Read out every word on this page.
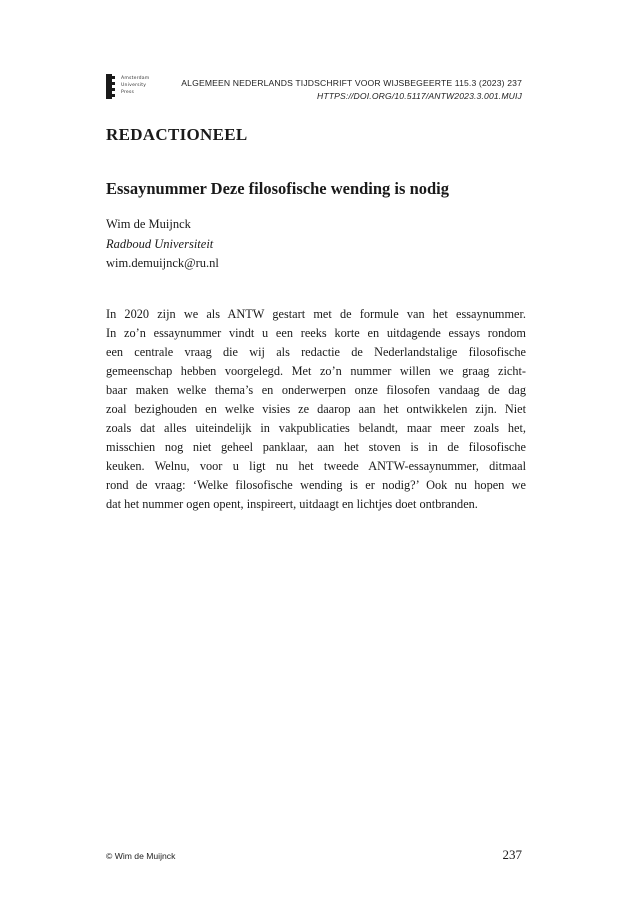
Amsterdam
University
Press
ALGEMEEN NEDERLANDS TIJDSCHRIFT VOOR WIJSBEGEERTE 115.3 (2023) 237
HTTPS://DOI.ORG/10.5117/ANTW2023.3.001.MUIJ
REDACTIONEEL
Essaynummer Deze filosofische wending is nodig
Wim de Muijnck
Radboud Universiteit
wim.demuijnck@ru.nl
In 2020 zijn we als ANTW gestart met de formule van het essaynummer.
In zo’n essaynummer vindt u een reeks korte en uitdagende essays rondom
een centrale vraag die wij als redactie de Nederlandstalige filosofische
gemeenschap hebben voorgelegd. Met zo’n nummer willen we graag zicht-
baar maken welke thema’s en onderwerpen onze filosofen vandaag de dag
zoal bezighouden en welke visies ze daarop aan het ontwikkelen zijn. Niet
zoals dat alles uiteindelijk in vakpublicaties belandt, maar meer zoals het,
misschien nog niet geheel panklaar, aan het stoven is in de filosofische
keuken. Welnu, voor u ligt nu het tweede ANTW-essaynummer, ditmaal
rond de vraag: ‘Welke filosofische wending is er nodig?’ Ook nu hopen we
dat het nummer ogen opent, inspireert, uitdaagt en lichtjes doet ontbranden.
© Wim de Muijnck	237
